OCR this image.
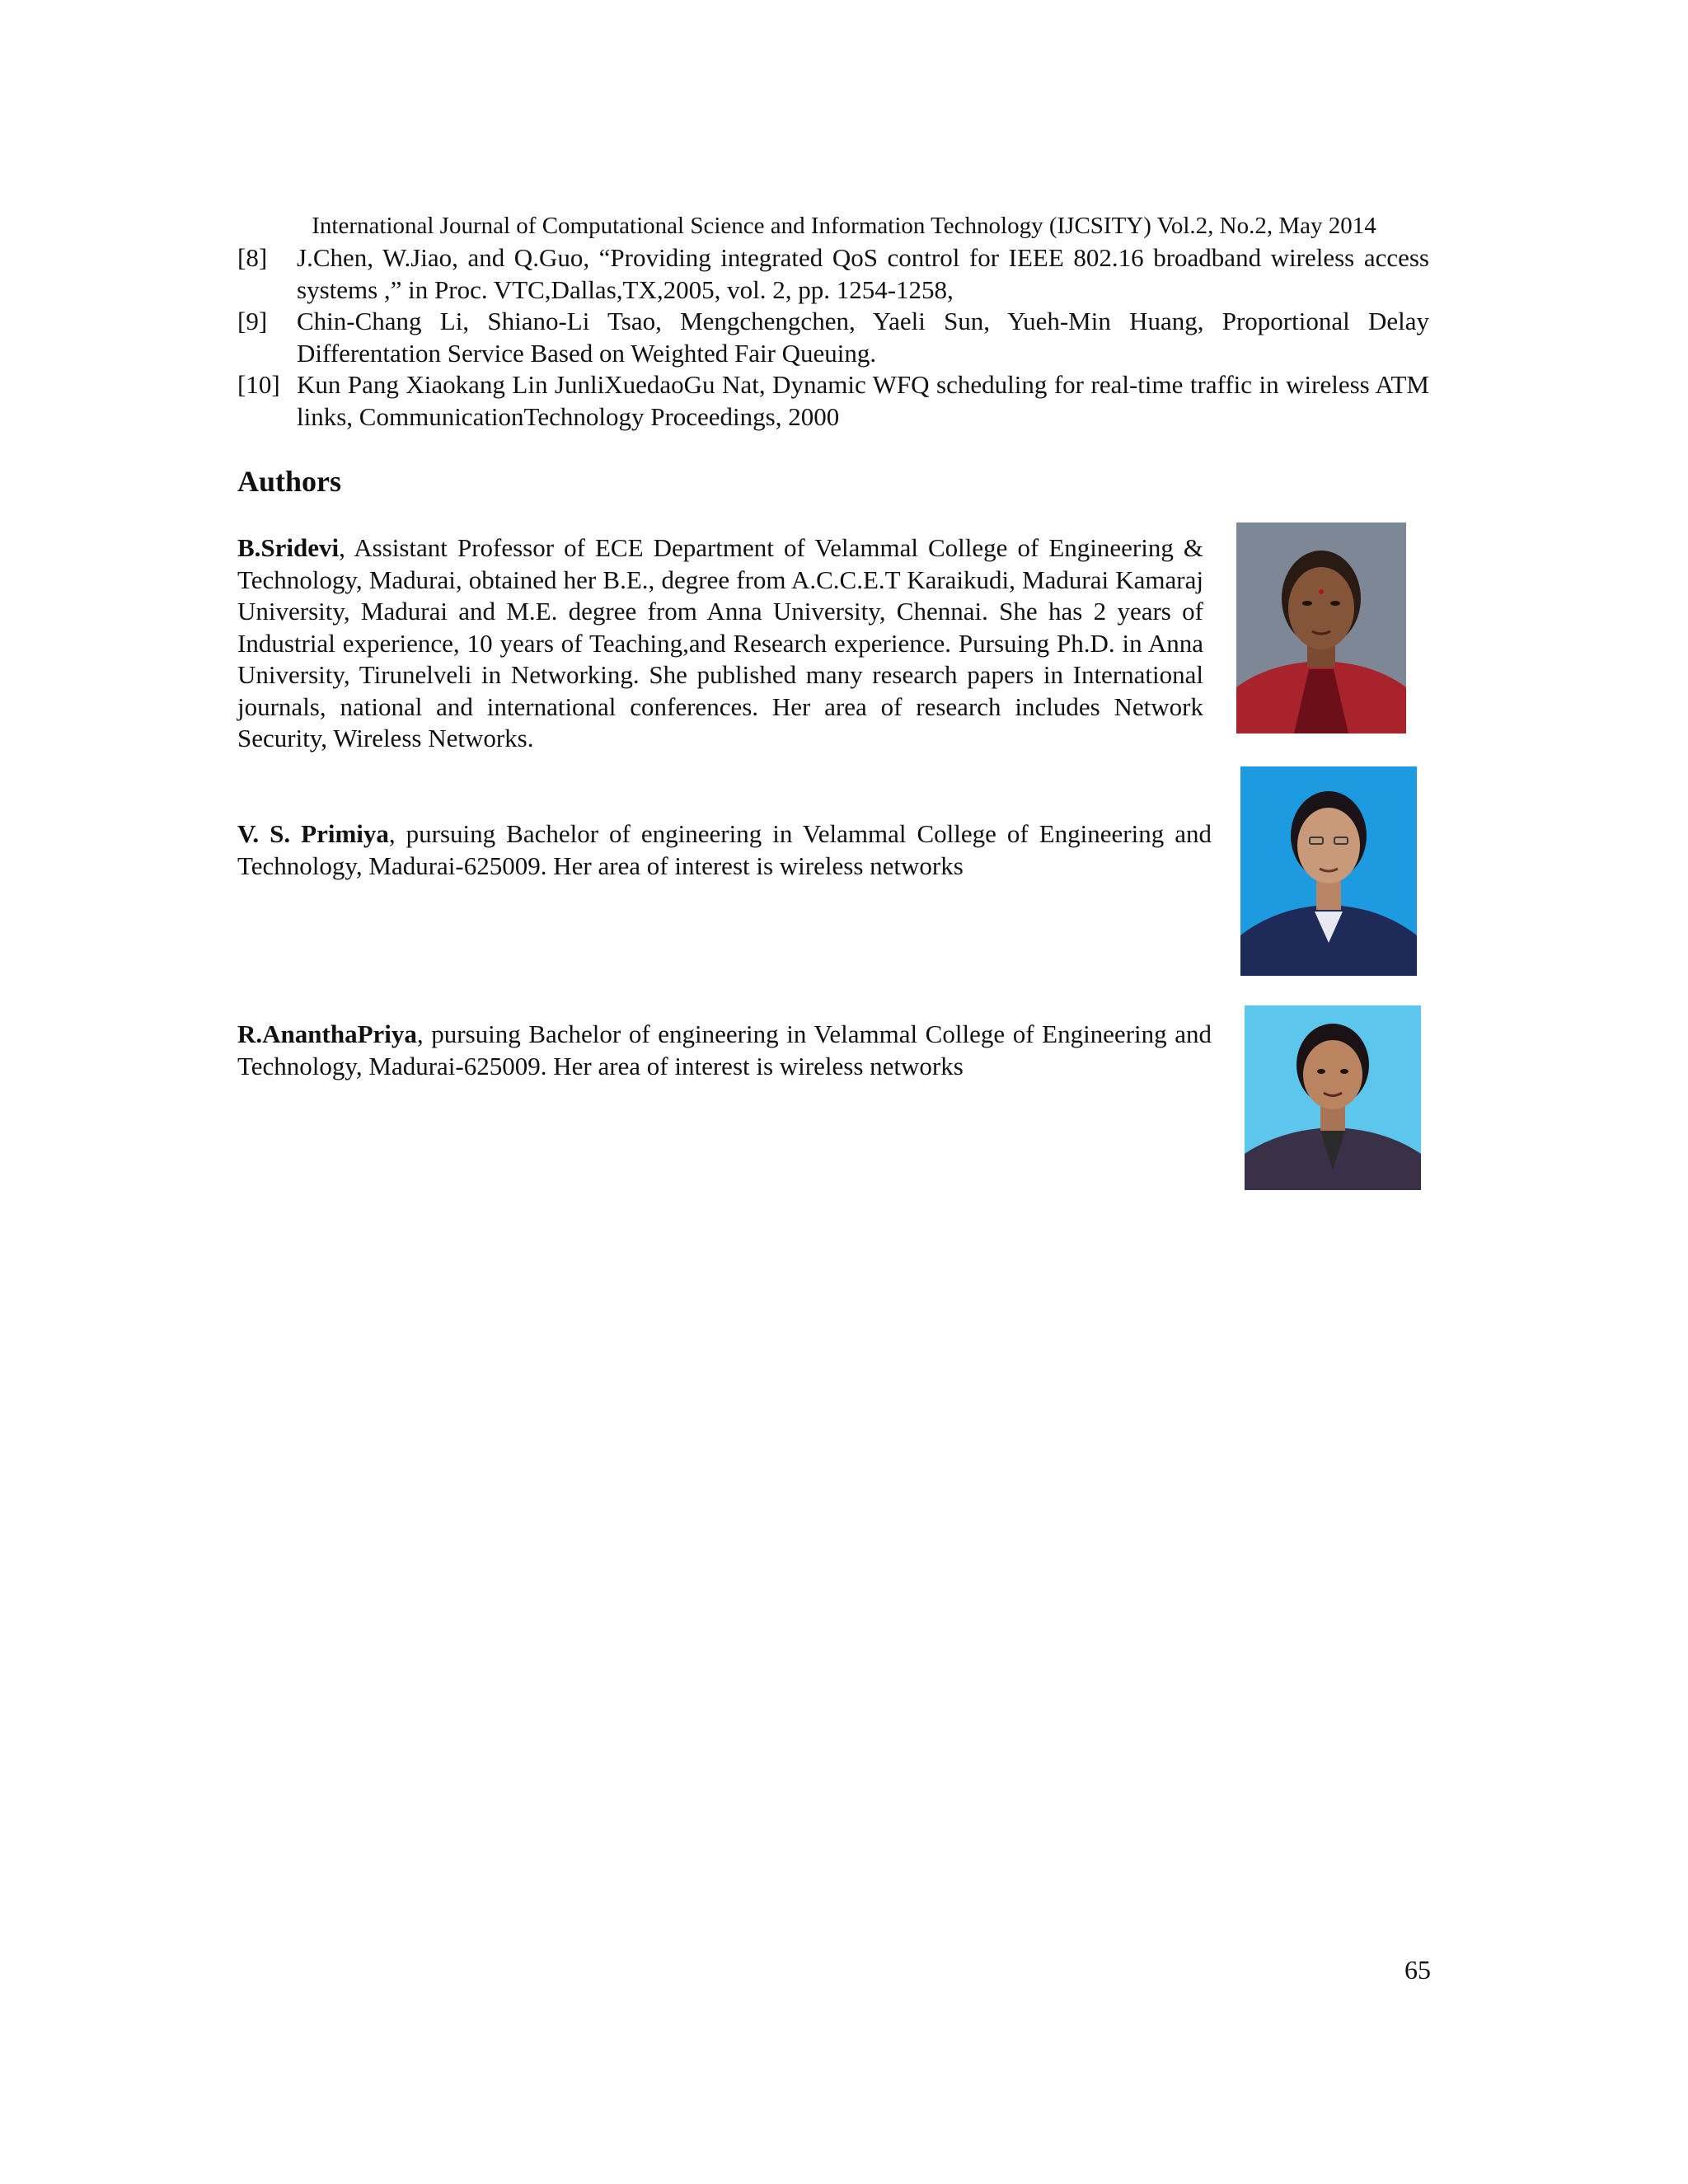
International Journal of Computational Science and Information Technology (IJCSITY) Vol.2, No.2, May 2014
[8] J.Chen, W.Jiao, and Q.Guo, “Providing integrated QoS control for IEEE 802.16 broadband wireless access systems ,” in Proc. VTC,Dallas,TX,2005, vol. 2, pp. 1254-1258,
[9] Chin-Chang Li, Shiano-Li Tsao, Mengchengchen, Yaeli Sun, Yueh-Min Huang, Proportional Delay Differentation Service Based on Weighted Fair Queuing.
[10] Kun Pang Xiaokang Lin JunliXuedaoGu Nat, Dynamic WFQ scheduling for real-time traffic in wireless ATM links, CommunicationTechnology Proceedings, 2000
Authors
B.Sridevi, Assistant Professor of ECE Department of Velammal College of Engineering & Technology, Madurai, obtained her B.E., degree from A.C.C.E.T Karaikudi, Madurai Kamaraj University, Madurai and M.E. degree from Anna University, Chennai. She has 2 years of Industrial experience, 10 years of Teaching,and Research experience. Pursuing Ph.D. in Anna University, Tirunelveli in Networking. She published many research papers in International journals, national and international conferences. Her area of research includes Network Security, Wireless Networks.
V. S. Primiya, pursuing Bachelor of engineering in Velammal College of Engineering and Technology, Madurai-625009. Her area of interest is wireless networks
R.AnanthaPriya, pursuing Bachelor of engineering in Velammal College of Engineering and Technology, Madurai-625009. Her area of interest is wireless networks
65
